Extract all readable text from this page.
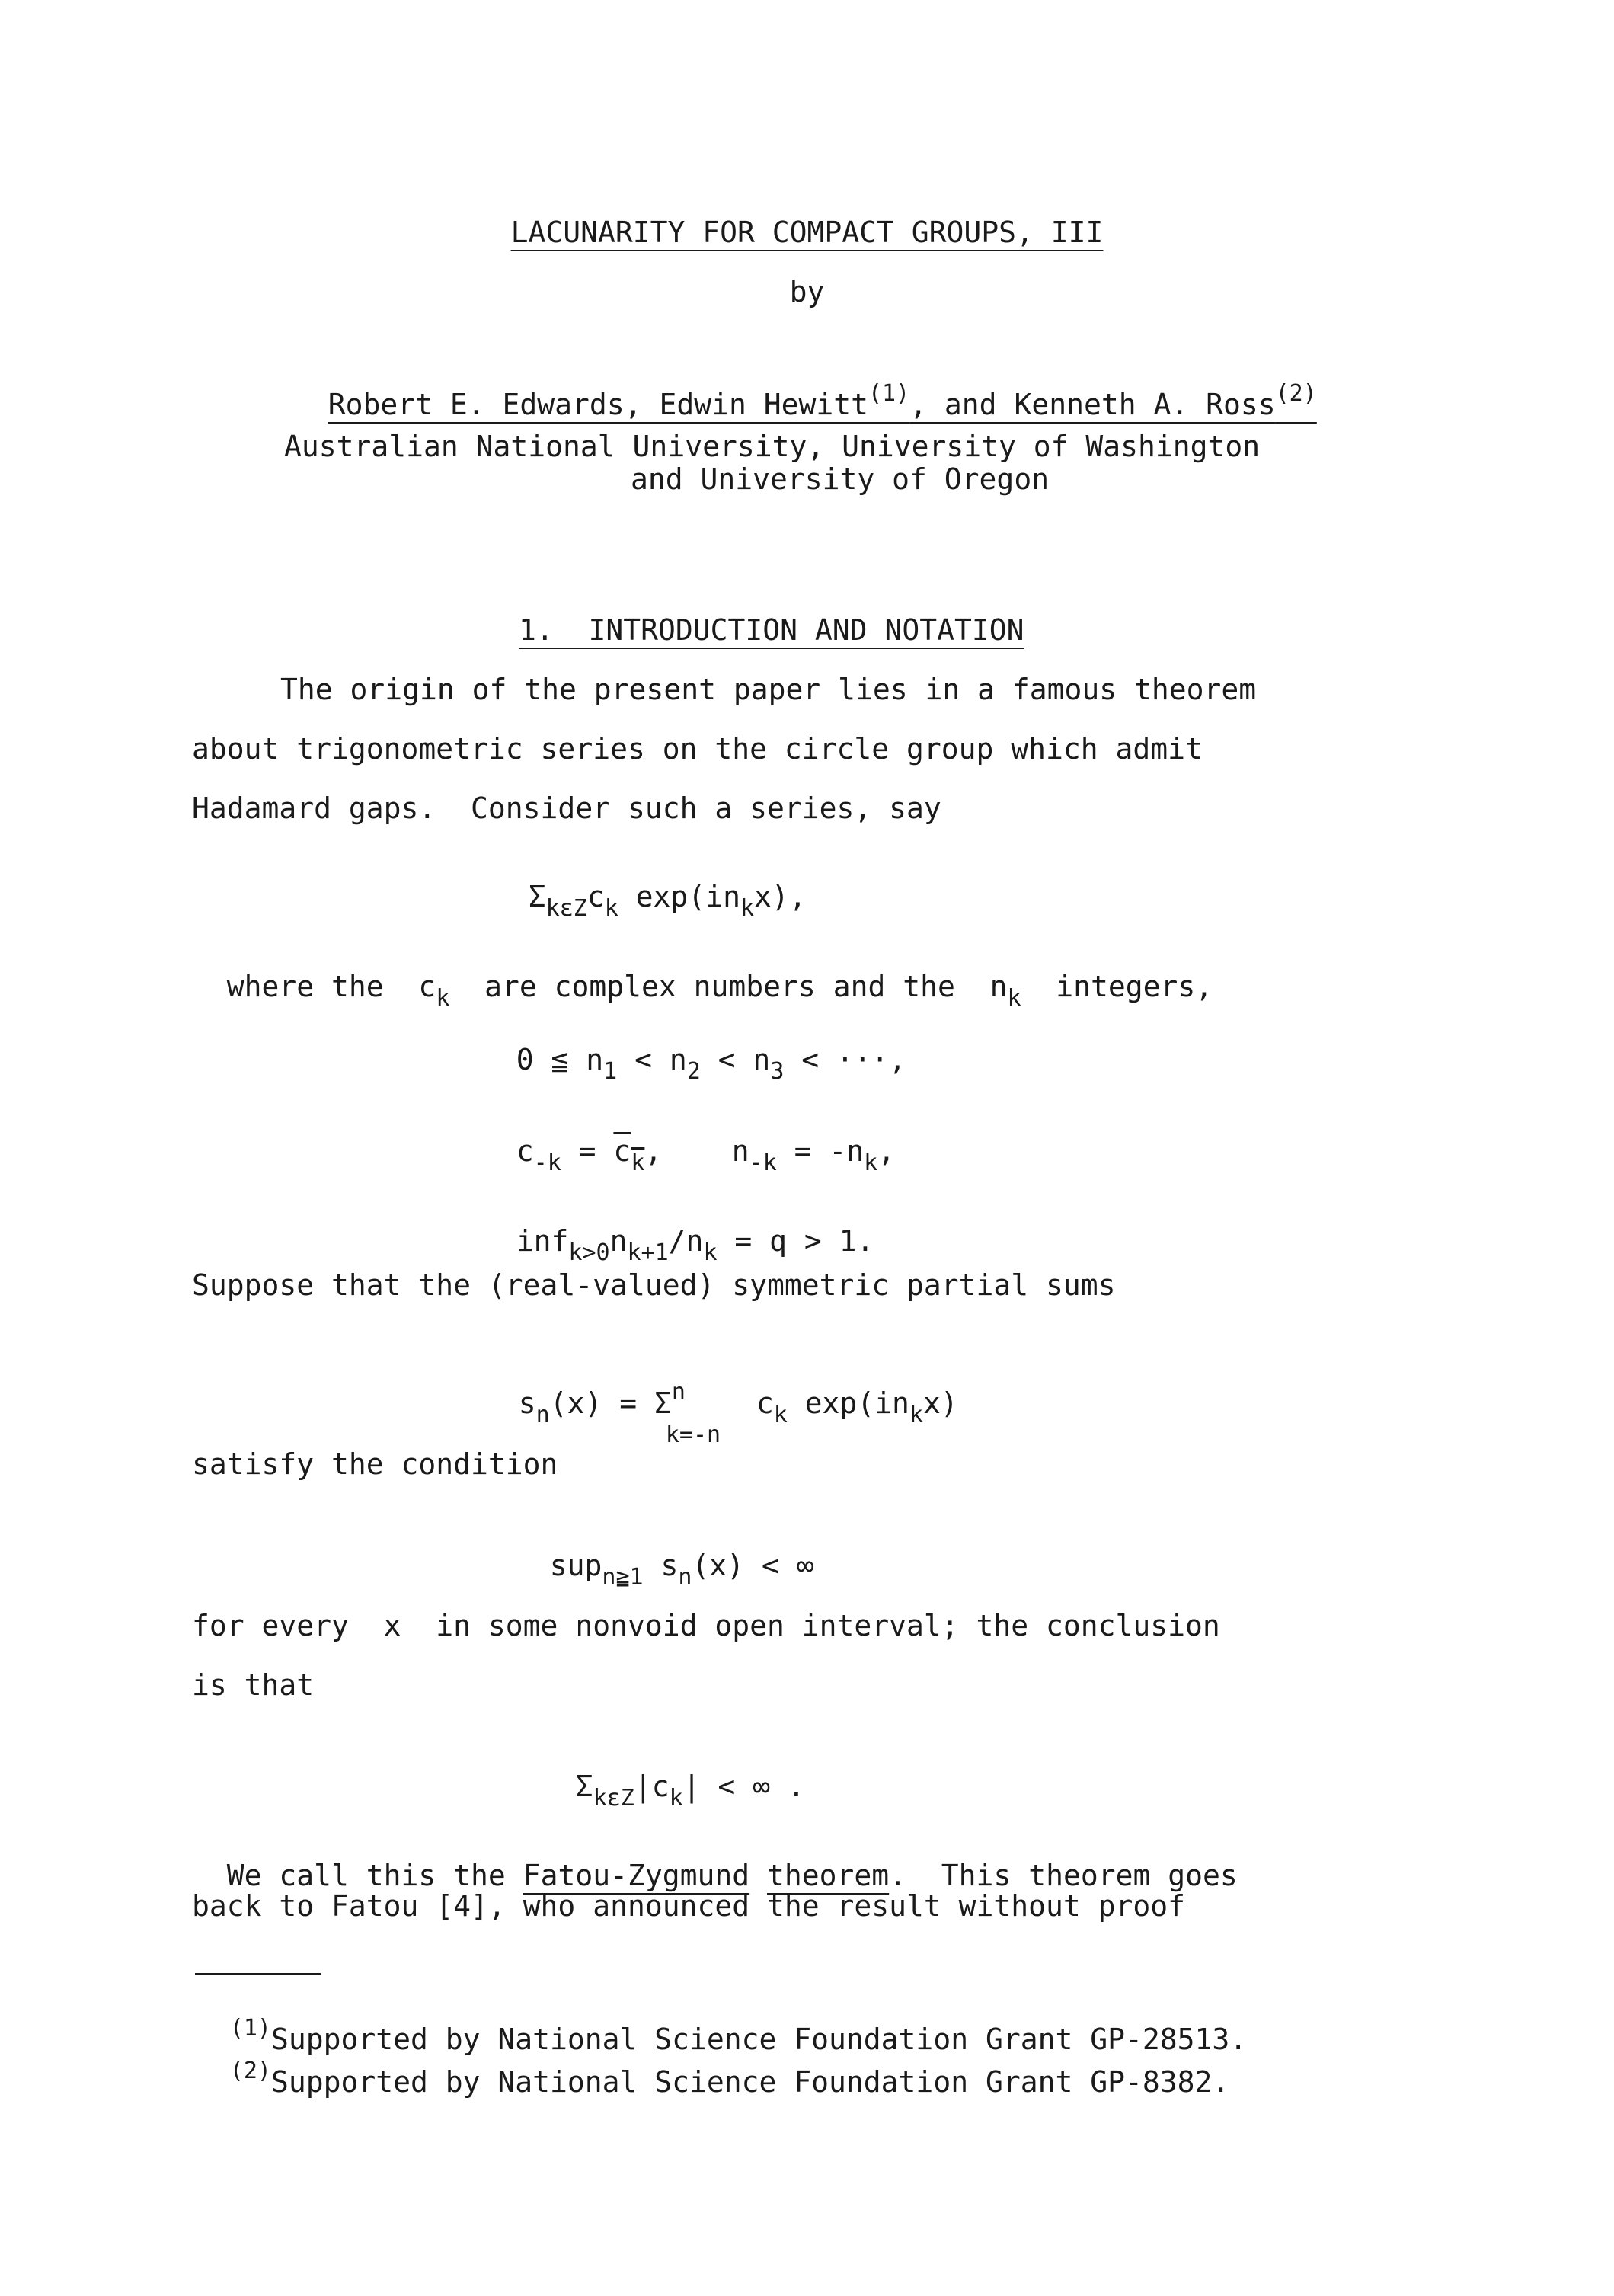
LACUNARITY FOR COMPACT GROUPS, III
by

Robert E. Edwards, Edwin Hewitt$^{(1)}$, and Kenneth A. Ross$^{(2)}$

Australian National University, University of Washington
and University of Oregon
1.  INTRODUCTION AND NOTATION
The origin of the present paper lies in a famous theorem
about trigonometric series on the circle group which admit
Hadamard gaps.  Consider such a series, say

$\Sigma_{k\varepsilon Z}c_k$ $\exp(in_kx)$,

where the  $c_k$  are complex numbers and the  $n_k$  integers,

0 ≦ $n_1 < n_2 < n_3$ < ···,

$c_{-k} = c_k$,    $n_{-k} = -n_k$,

$inf_{k>0}n_{k+1}/n_k = q > 1$.

Suppose that the (real-valued) symmetric partial sums

$s_n(x) = \Sigma^n$
k=-n
$c_k$ $\exp(in_kx)$

satisfy the condition

sup$_{n≧1}$ $s_n(x)$ < ∞

for every  x  in some nonvoid open interval; the conclusion
is that

$\Sigma_{k\varepsilon Z}|c_k|$ < ∞ .

We call this the Fatou-Zygmund theorem.  This theorem goes

back to Fatou [4], who announced the result without proof

$^{(1)}$Supported by National Science Foundation Grant GP-28513.

$^{(2)}$Supported by National Science Foundation Grant GP-8382.
